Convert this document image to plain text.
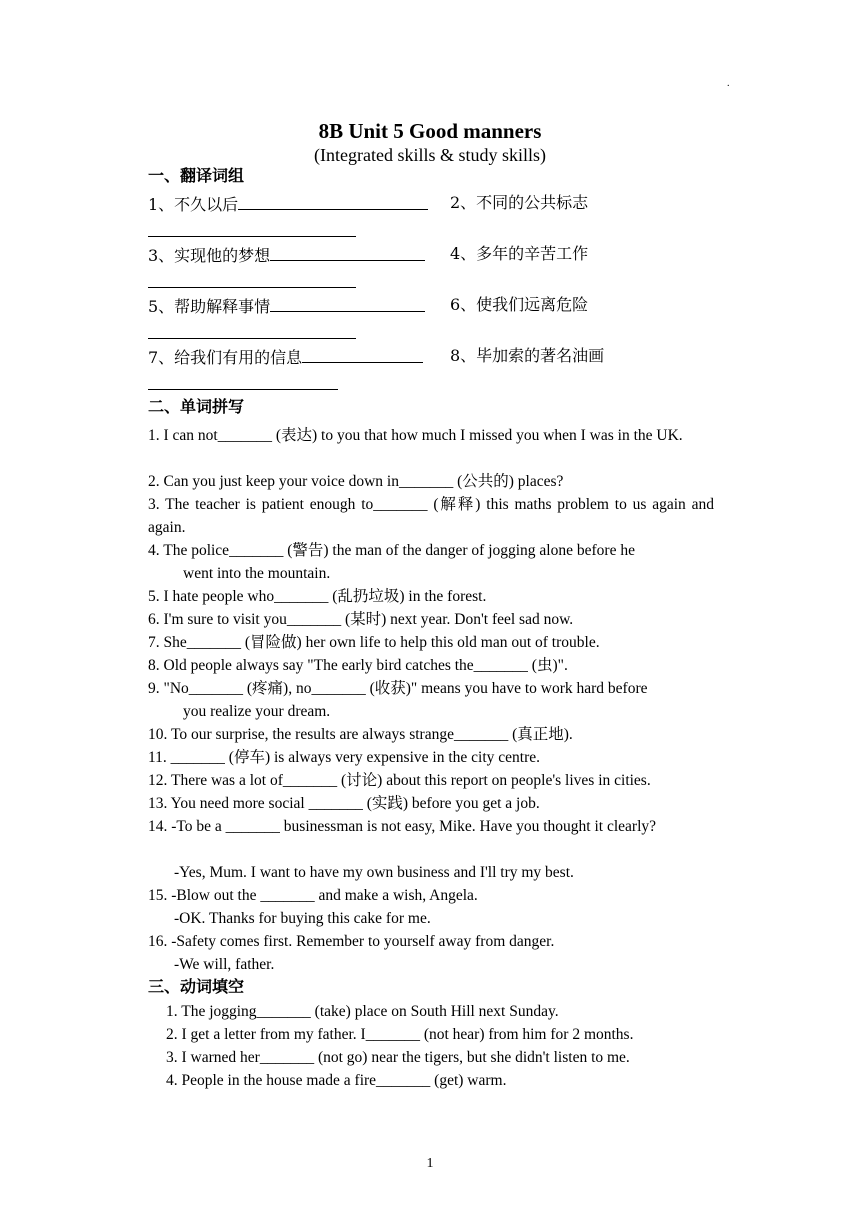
.
8B Unit 5 Good manners
(Integrated skills & study skills)
一、翻译词组
1、不久以后	2、不同的公共标志
3、实现他的梦想	4、多年的辛苦工作
5、帮助解释事情	6、使我们远离危险
7、给我们有用的信息	8、毕加索的著名油画
二、单词拼写
1. I can not_______ (表达) to you that how much I missed you when I was in the UK.
2. Can you just keep your voice down in_______ (公共的) places?
3. The teacher is patient enough to_______ (解释) this maths problem to us again and again.
4. The police_______ (警告) the man of the danger of jogging alone before he
went into the mountain.
5. I hate people who_______ (乱扔垃圾) in the forest.
6. I'm sure to visit you_______ (某时) next year. Don't feel sad now.
7. She_______ (冒险做) her own life to help this old man out of trouble.
8. Old people always say "The early bird catches the_______ (虫)".
9. "No_______ (疼痛), no_______ (收获)" means you have to work hard before
you realize your dream.
10. To our surprise, the results are always strange_______ (真正地).
11. _______ (停车) is always very expensive in the city centre.
12. There was a lot of_______ (讨论) about this report on people's lives in cities.
13. You need more social _______ (实践) before you get a job.
14. -To be a _______ businessman is not easy, Mike. Have you thought it clearly?
-Yes, Mum. I want to have my own business and I'll try my best.
15. -Blow out the _______ and make a wish, Angela.
-OK. Thanks for buying this cake for me.
16. -Safety comes first. Remember to yourself away from danger.
-We will, father.
三、动词填空
1. The jogging_______ (take) place on South Hill next Sunday.
2. I get a letter from my father. I_______ (not hear) from him for 2 months.
3. I warned her_______ (not go) near the tigers, but she didn't listen to me.
4. People in the house made a fire_______ (get) warm.
1
